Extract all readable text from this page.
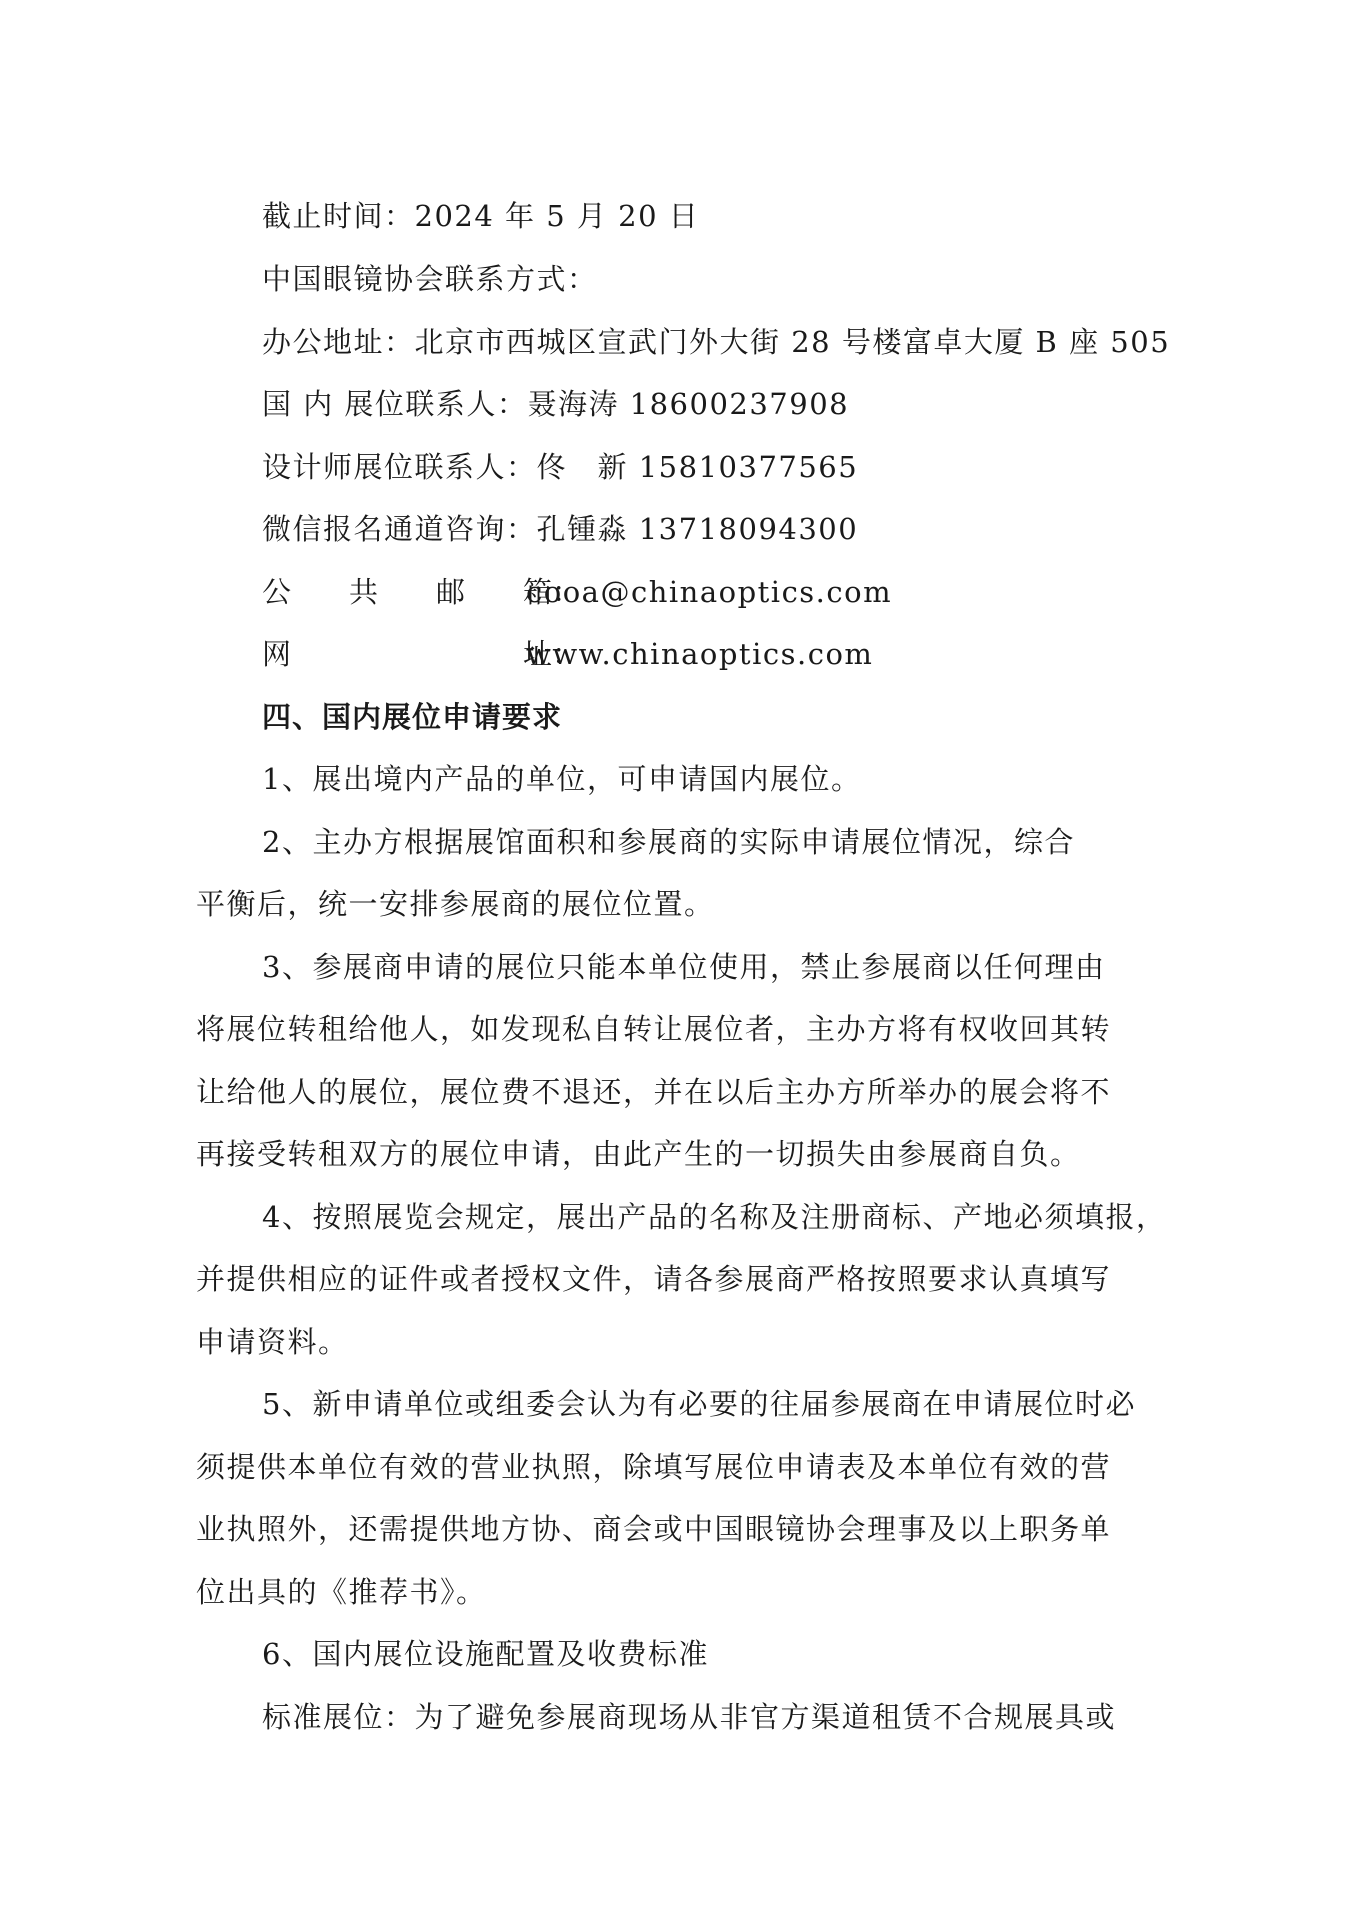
截止时间：2024 年 5 月 20 日
中国眼镜协会联系方式：
办公地址：北京市西城区宣武门外大街 28 号楼富卓大厦 B 座 505
国 内 展位联系人：聂海涛 18600237908
设计师展位联系人：佟　新 15810377565
微信报名通道咨询：孔锺淼 13718094300
公　　共　　邮　　箱：cooa@chinaoptics.com
网　　　　　　　　址：www.chinaoptics.com
四、国内展位申请要求
1、展出境内产品的单位，可申请国内展位。
2、主办方根据展馆面积和参展商的实际申请展位情况，综合
平衡后，统一安排参展商的展位位置。
3、参展商申请的展位只能本单位使用，禁止参展商以任何理由
将展位转租给他人，如发现私自转让展位者，主办方将有权收回其转
让给他人的展位，展位费不退还，并在以后主办方所举办的展会将不
再接受转租双方的展位申请，由此产生的一切损失由参展商自负。
4、按照展览会规定，展出产品的名称及注册商标、产地必须填报，
并提供相应的证件或者授权文件，请各参展商严格按照要求认真填写
申请资料。
5、新申请单位或组委会认为有必要的往届参展商在申请展位时必
须提供本单位有效的营业执照，除填写展位申请表及本单位有效的营
业执照外，还需提供地方协、商会或中国眼镜协会理事及以上职务单
位出具的《推荐书》。
6、国内展位设施配置及收费标准
标准展位：为了避免参展商现场从非官方渠道租赁不合规展具或
